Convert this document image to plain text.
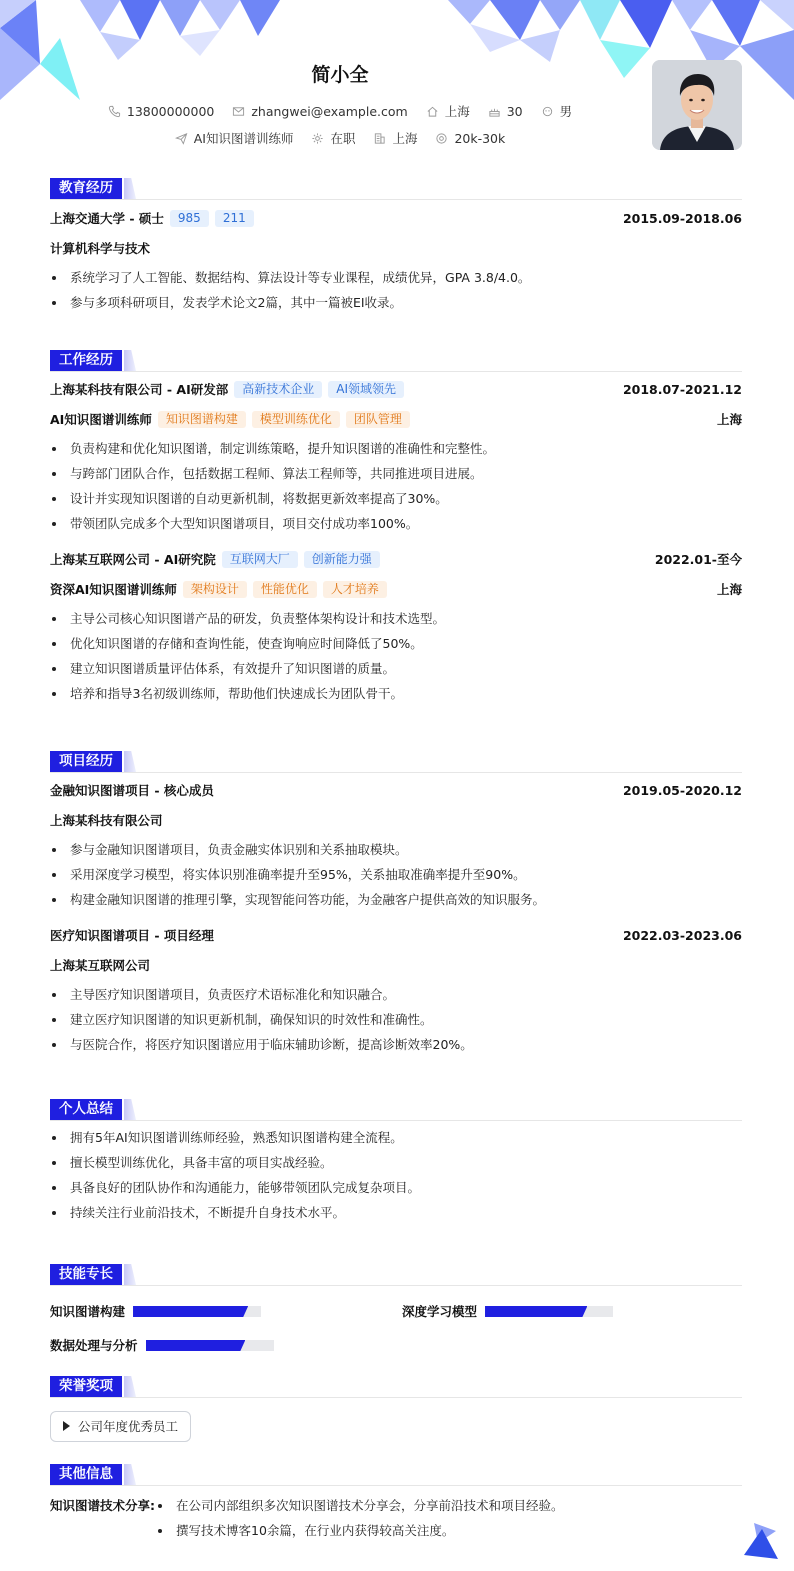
简小全
13800000000	zhangwei@example.com	上海	30	男
AI知识图谱训练师	在职	上海	20k-30k
教育经历
上海交通大学 - 硕士 985 211	2015.09-2018.06
计算机科学与技术
系统学习了人工智能、数据结构、算法设计等专业课程，成绩优异，GPA 3.8/4.0。
参与多项科研项目，发表学术论文2篇，其中一篇被EI收录。
工作经历
上海某科技有限公司 - AI研发部 高新技术企业 AI领域领先	2018.07-2021.12
AI知识图谱训练师 知识图谱构建 模型训练优化 团队管理	上海
负责构建和优化知识图谱，制定训练策略，提升知识图谱的准确性和完整性。
与跨部门团队合作，包括数据工程师、算法工程师等，共同推进项目进展。
设计并实现知识图谱的自动更新机制，将数据更新效率提高了30%。
带领团队完成多个大型知识图谱项目，项目交付成功率100%。
上海某互联网公司 - AI研究院 互联网大厂 创新能力强	2022.01-至今
资深AI知识图谱训练师 架构设计 性能优化 人才培养	上海
主导公司核心知识图谱产品的研发，负责整体架构设计和技术选型。
优化知识图谱的存储和查询性能，使查询响应时间降低了50%。
建立知识图谱质量评估体系，有效提升了知识图谱的质量。
培养和指导3名初级训练师，帮助他们快速成长为团队骨干。
项目经历
金融知识图谱项目 - 核心成员	2019.05-2020.12
上海某科技有限公司
参与金融知识图谱项目，负责金融实体识别和关系抽取模块。
采用深度学习模型，将实体识别准确率提升至95%，关系抽取准确率提升至90%。
构建金融知识图谱的推理引擎，实现智能问答功能，为金融客户提供高效的知识服务。
医疗知识图谱项目 - 项目经理	2022.03-2023.06
上海某互联网公司
主导医疗知识图谱项目，负责医疗术语标准化和知识融合。
建立医疗知识图谱的知识更新机制，确保知识的时效性和准确性。
与医院合作，将医疗知识图谱应用于临床辅助诊断，提高诊断效率20%。
个人总结
拥有5年AI知识图谱训练师经验，熟悉知识图谱构建全流程。
擅长模型训练优化，具备丰富的项目实战经验。
具备良好的团队协作和沟通能力，能够带领团队完成复杂项目。
持续关注行业前沿技术，不断提升自身技术水平。
技能专长
知识图谱构建	深度学习模型
数据处理与分析
荣誉奖项
公司年度优秀员工
其他信息
知识图谱技术分享:	在公司内部组织多次知识图谱技术分享会，分享前沿技术和项目经验。
撰写技术博客10余篇，在行业内获得较高关注度。
